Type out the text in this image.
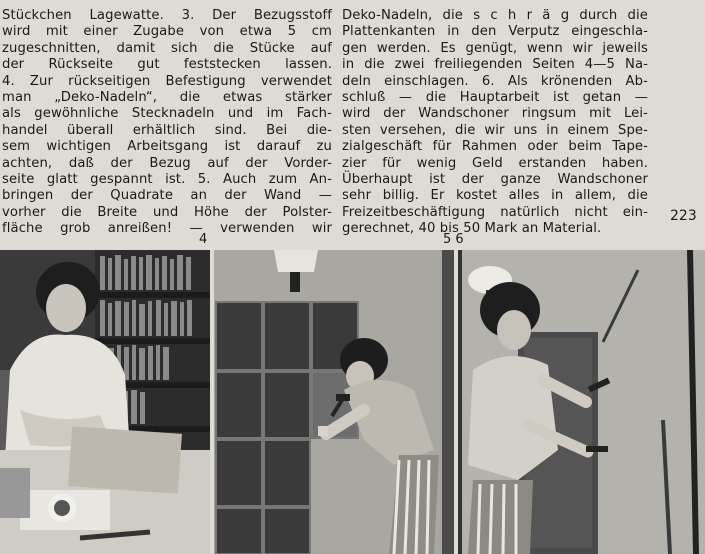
Stückchen Lagewatte. 3. Der Bezugsstoff
wird mit einer Zugabe von etwa 5 cm
zugeschnitten, damit sich die Stücke auf
der Rückseite gut feststecken lassen.
4. Zur rückseitigen Befestigung verwendet
man „Deko-Nadeln“, die etwas stärker
als gewöhnliche Stecknadeln und im Fach-
handel überall erhältlich sind. Bei die-
sem wichtigen Arbeitsgang ist darauf zu
achten, daß der Bezug auf der Vorder-
seite glatt gespannt ist. 5. Auch zum An-
bringen der Quadrate an der Wand —
vorher die Breite und Höhe der Polster-
fläche grob anreißen! — verwenden wir
Deko-Nadeln, die s c h r ä g durch die
Plattenkanten in den Verputz eingeschla-
gen werden. Es genügt, wenn wir jeweils
in die zwei freiliegenden Seiten 4—5 Na-
deln einschlagen. 6. Als krönenden Ab-
schluß — die Hauptarbeit ist getan —
wird der Wandschoner ringsum mit Lei-
sten versehen, die wir uns in einem Spe-
zialgeschäft für Rahmen oder beim Tape-
zier für wenig Geld erstanden haben.
Überhaupt ist der ganze Wandschoner
sehr billig. Er kostet alles in allem, die
Freizeitbeschäftigung natürlich nicht ein-
gerechnet, 40 bis 50 Mark an Material.
223
4	5 6
